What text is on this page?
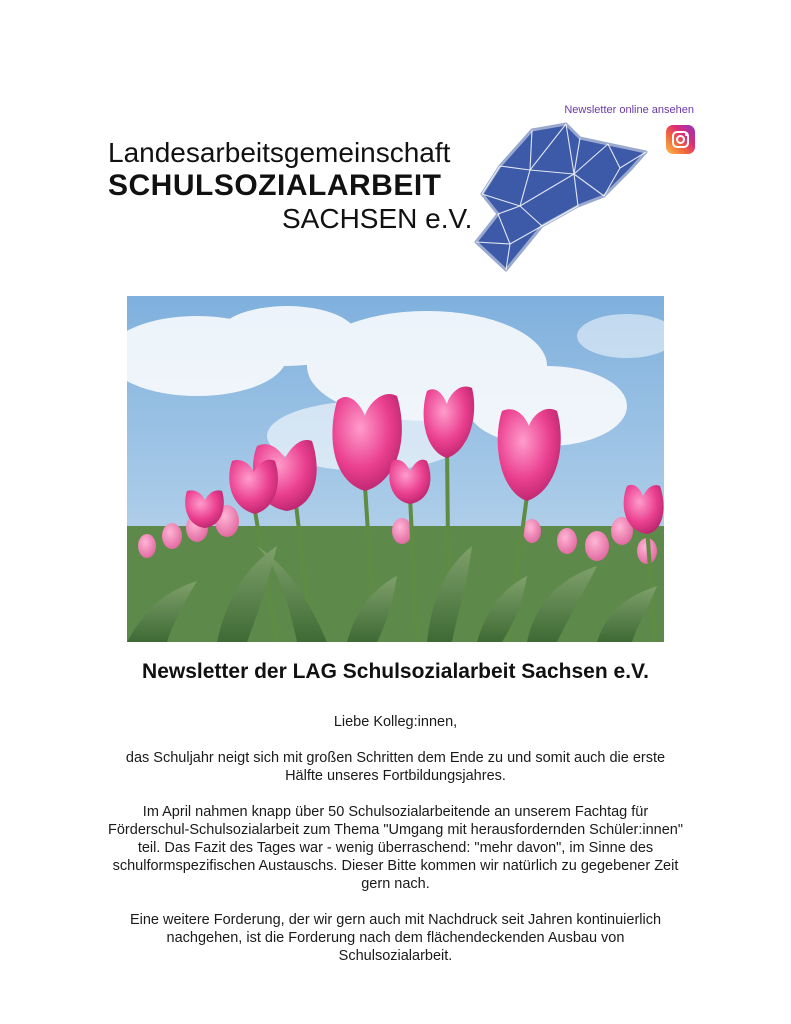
Newsletter online ansehen

Landesarbeitsgemeinschaft

SCHULSOZIALARBEIT

SACHSEN e.V.

Newsletter der LAG Schulsozialarbeit Sachsen e.V.

Liebe Kolleg:innen,

das Schuljahr neigt sich mit großen Schritten dem Ende zu und somit auch die erste Hälfte unseres Fortbildungsjahres.

Im April nahmen knapp über 50 Schulsozialarbeitende an unserem Fachtag für Förderschul-Schulsozialarbeit zum Thema "Umgang mit herausfordernden Schüler:innen" teil. Das Fazit des Tages war - wenig überraschend: "mehr davon", im Sinne des schulformspezifischen Austauschs. Dieser Bitte kommen wir natürlich zu gegebener Zeit gern nach.

Eine weitere Forderung, der wir gern auch mit Nachdruck seit Jahren kontinuierlich nachgehen, ist die Forderung nach dem flächendeckenden Ausbau von Schulsozialarbeit.
